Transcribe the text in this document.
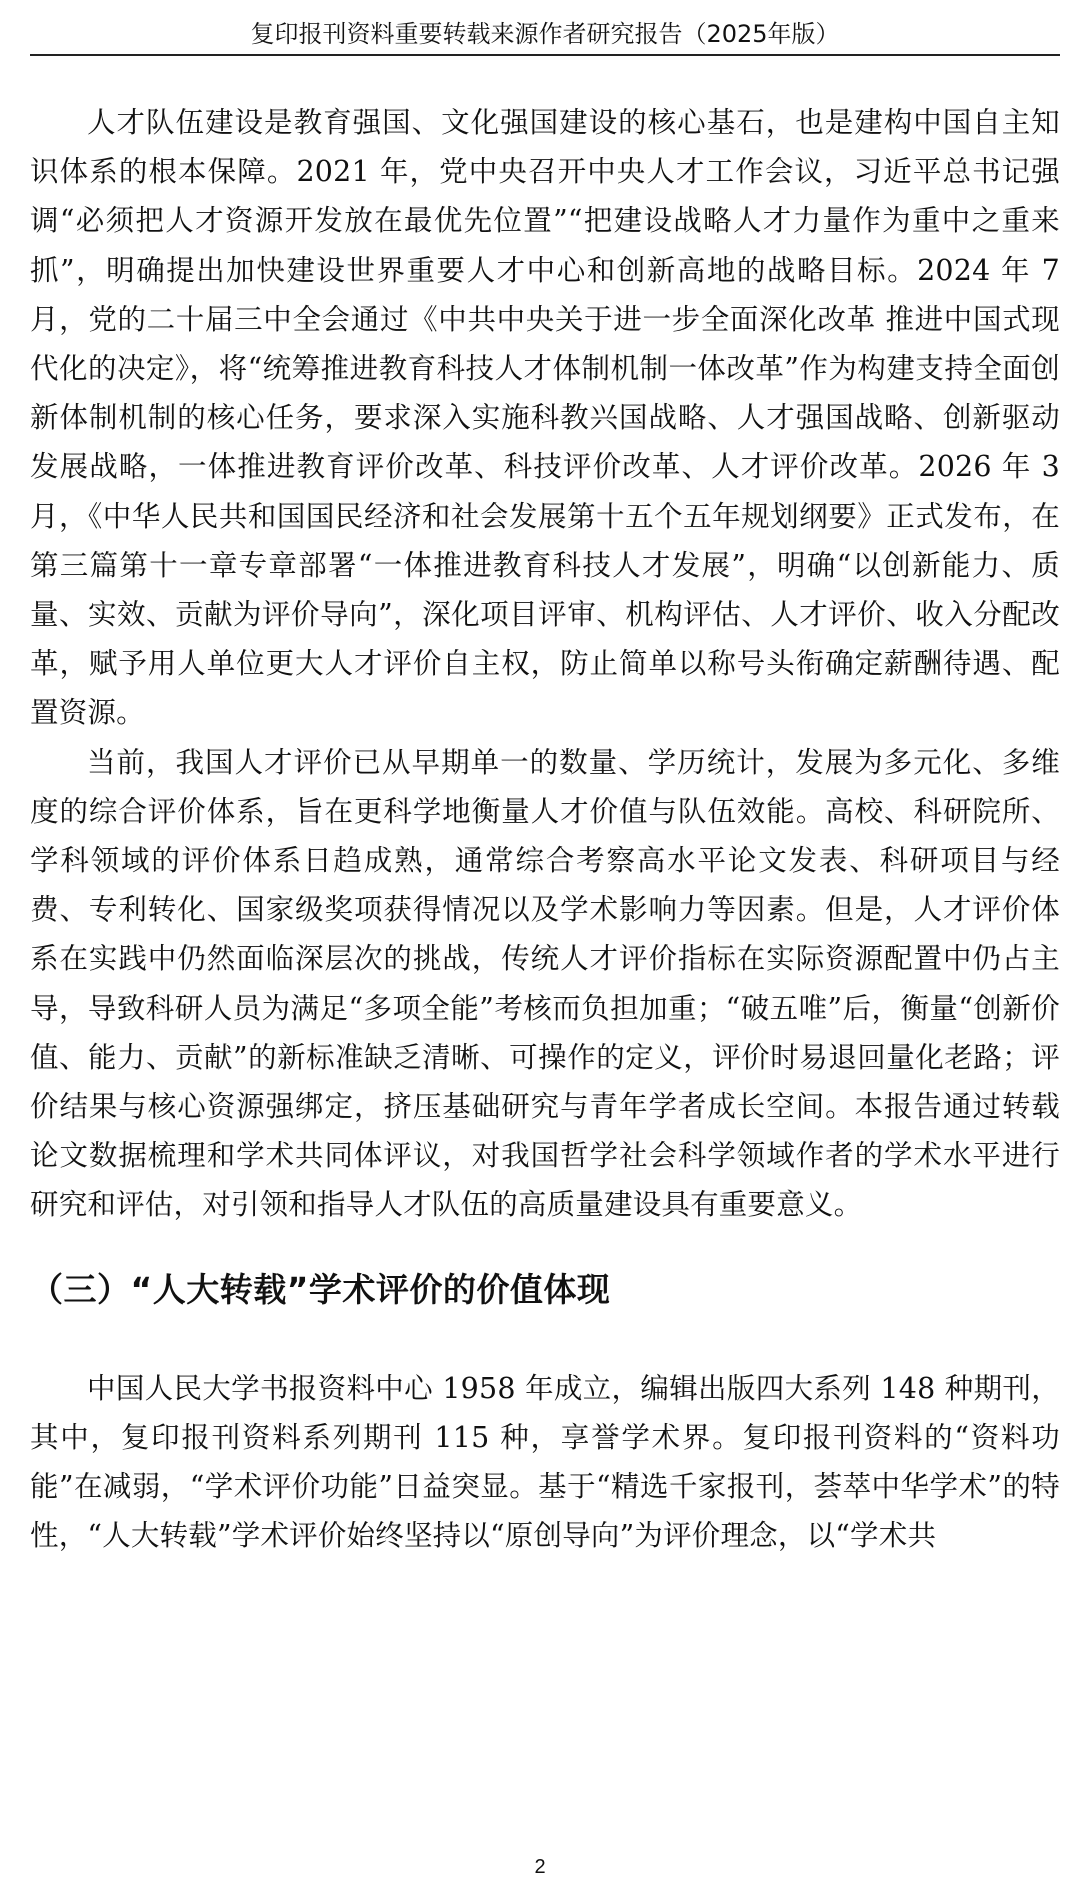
复印报刊资料重要转载来源作者研究报告（2025年版）

人才队伍建设是教育强国、文化强国建设的核心基石，也是建构中国自主知识体系的根本保障。2021 年，党中央召开中央人才工作会议，习近平总书记强调“必须把人才资源开发放在最优先位置”“把建设战略人才力量作为重中之重来抓”，明确提出加快建设世界重要人才中心和创新高地的战略目标。2024 年 7 月，党的二十届三中全会通过《中共中央关于进一步全面深化改革 推进中国式现代化的决定》，将“统筹推进教育科技人才体制机制一体改革”作为构建支持全面创新体制机制的核心任务，要求深入实施科教兴国战略、人才强国战略、创新驱动发展战略，一体推进教育评价改革、科技评价改革、人才评价改革。2026 年 3 月，《中华人民共和国国民经济和社会发展第十五个五年规划纲要》正式发布，在第三篇第十一章专章部署“一体推进教育科技人才发展”，明确“以创新能力、质量、实效、贡献为评价导向”，深化项目评审、机构评估、人才评价、收入分配改革，赋予用人单位更大人才评价自主权，防止简单以称号头衔确定薪酬待遇、配置资源。

当前，我国人才评价已从早期单一的数量、学历统计，发展为多元化、多维度的综合评价体系，旨在更科学地衡量人才价值与队伍效能。高校、科研院所、学科领域的评价体系日趋成熟，通常综合考察高水平论文发表、科研项目与经费、专利转化、国家级奖项获得情况以及学术影响力等因素。但是，人才评价体系在实践中仍然面临深层次的挑战，传统人才评价指标在实际资源配置中仍占主导，导致科研人员为满足“多项全能”考核而负担加重；“破五唯”后，衡量“创新价值、能力、贡献”的新标准缺乏清晰、可操作的定义，评价时易退回量化老路；评价结果与核心资源强绑定，挤压基础研究与青年学者成长空间。本报告通过转载论文数据梳理和学术共同体评议，对我国哲学社会科学领域作者的学术水平进行研究和评估，对引领和指导人才队伍的高质量建设具有重要意义。

（三）“人大转载”学术评价的价值体现

中国人民大学书报资料中心 1958 年成立，编辑出版四大系列 148 种期刊，其中，复印报刊资料系列期刊 115 种，享誉学术界。复印报刊资料的“资料功能”在减弱，“学术评价功能”日益突显。基于“精选千家报刊，荟萃中华学术”的特性，“人大转载”学术评价始终坚持以“原创导向”为评价理念，以“学术共

2
